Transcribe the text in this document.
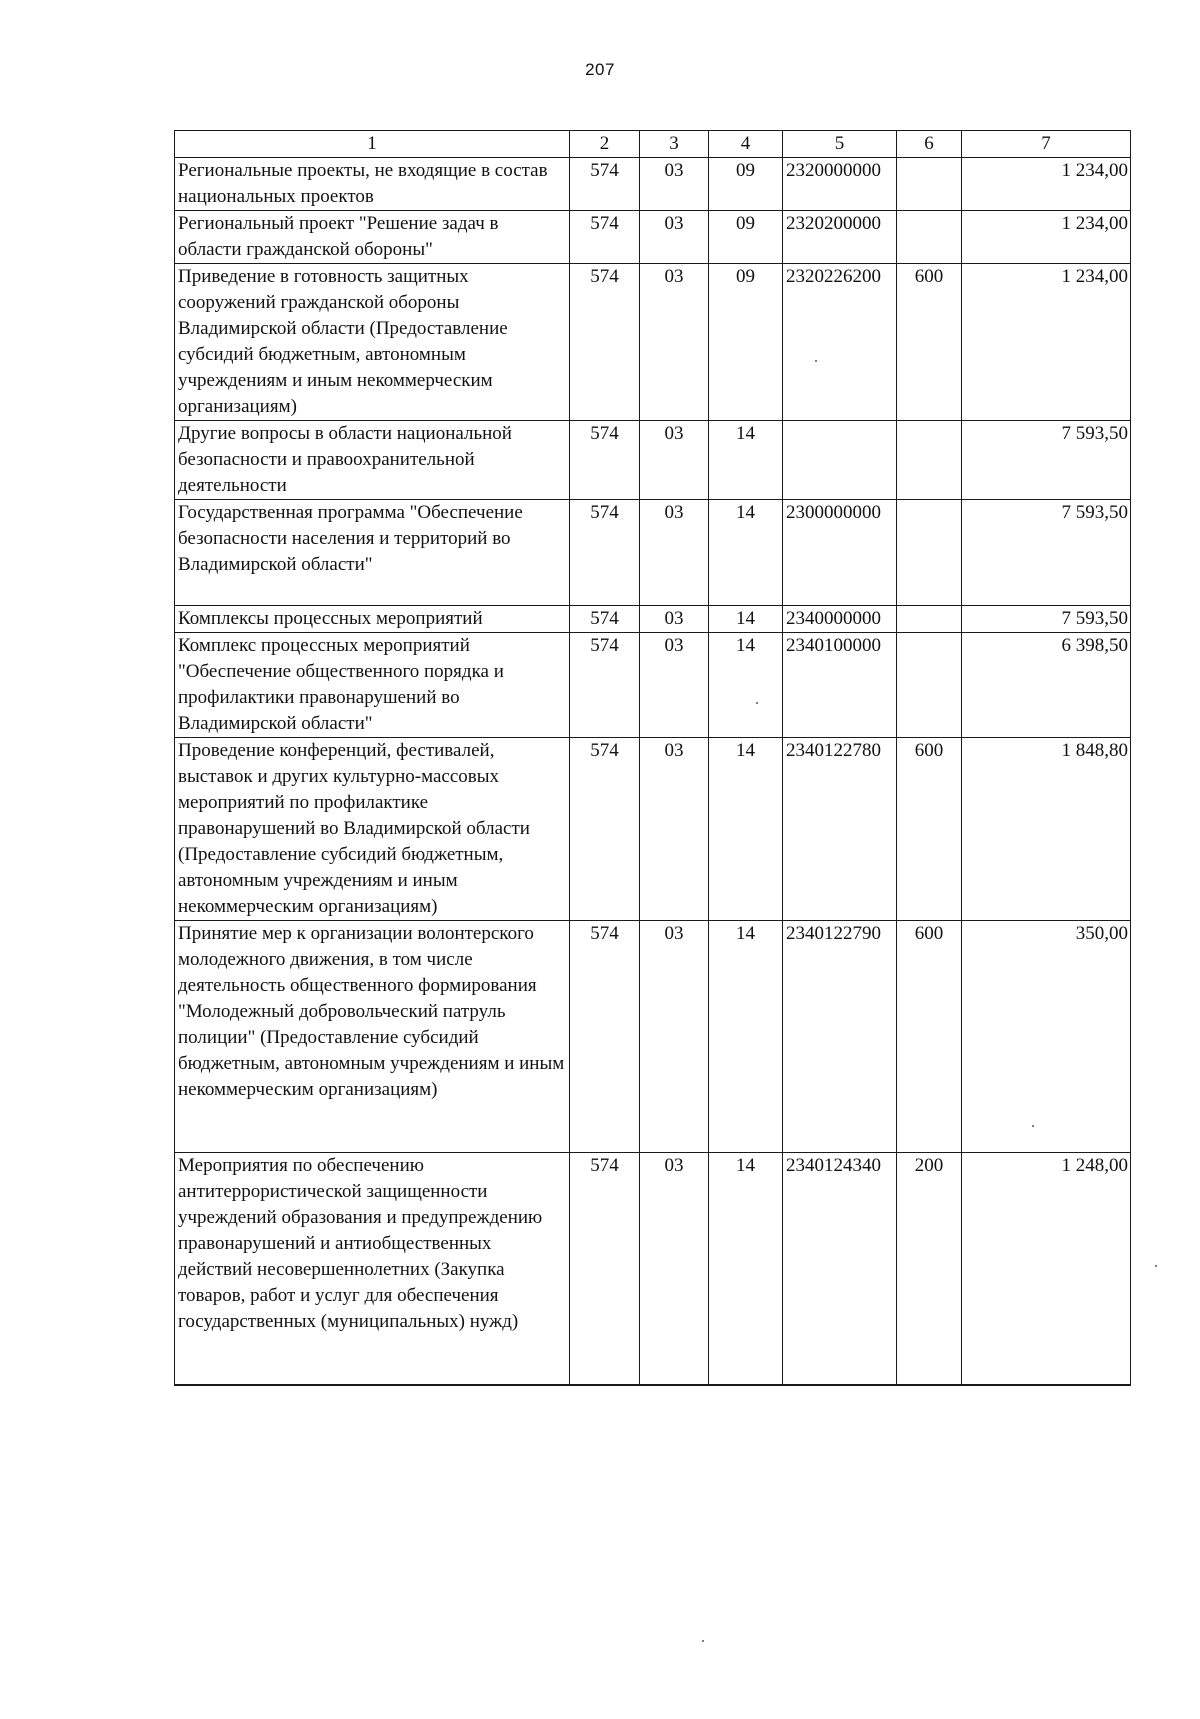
207
1	2	3	4	5	6	7
Региональные проекты, не входящие в состав национальных проектов	574	03	09	2320000000		1 234,00
Региональный проект "Решение задач в области гражданской обороны"	574	03	09	2320200000		1 234,00
Приведение в готовность защитных сооружений гражданской обороны Владимирской области (Предоставление субсидий бюджетным, автономным учреждениям и иным некоммерческим организациям)	574	03	09	2320226200	600	1 234,00
Другие вопросы в области национальной безопасности и правоохранительной деятельности	574	03	14			7 593,50
Государственная программа "Обеспечение безопасности населения и территорий во Владимирской области"	574	03	14	2300000000		7 593,50
Комплексы процессных мероприятий	574	03	14	2340000000		7 593,50
Комплекс процессных мероприятий "Обеспечение общественного порядка и профилактики правонарушений во Владимирской области"	574	03	14	2340100000		6 398,50
Проведение конференций, фестивалей, выставок и других культурно-массовых мероприятий по профилактике правонарушений во Владимирской области (Предоставление субсидий бюджетным, автономным учреждениям и иным некоммерческим организациям)	574	03	14	2340122780	600	1 848,80
Принятие мер к организации волонтерского молодежного движения, в том числе деятельность общественного формирования "Молодежный добровольческий патруль полиции" (Предоставление субсидий бюджетным, автономным учреждениям и иным некоммерческим организациям)	574	03	14	2340122790	600	350,00
Мероприятия по обеспечению антитеррористической защищенности учреждений образования и предупреждению правонарушений и антиобщественных действий несовершеннолетних (Закупка товаров, работ и услуг для обеспечения государственных (муниципальных) нужд)	574	03	14	2340124340	200	1 248,00
